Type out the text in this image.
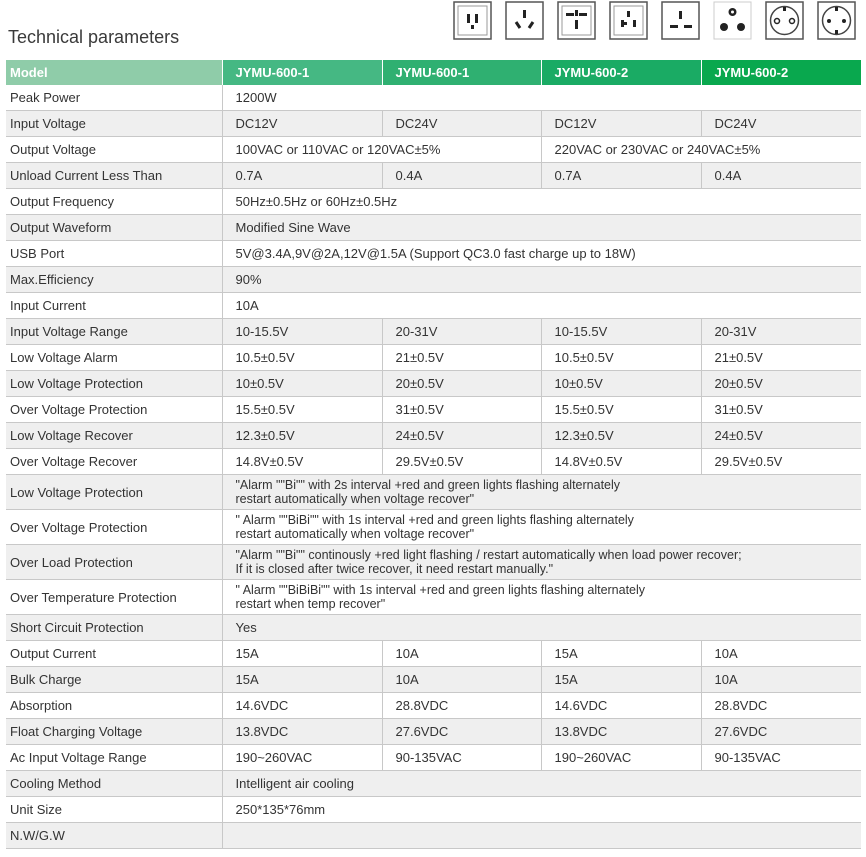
Technical parameters
Model	JYMU-600-1	JYMU-600-1	JYMU-600-2	JYMU-600-2
Peak Power	1200W			
Input Voltage	DC12V	DC24V	DC12V	DC24V
Output Voltage	100VAC or 110VAC or 120VAC±5%		220VAC or 230VAC or 240VAC±5%	
Unload Current Less Than	0.7A	0.4A	0.7A	0.4A
Output Frequency	50Hz±0.5Hz or 60Hz±0.5Hz			
Output Waveform	Modified Sine Wave			
USB Port	5V@3.4A,9V@2A,12V@1.5A (Support QC3.0 fast charge up to 18W)			
Max.Efficiency	90%			
Input Current	10A			
Input Voltage Range	10-15.5V	20-31V	10-15.5V	20-31V
Low Voltage Alarm	10.5±0.5V	21±0.5V	10.5±0.5V	21±0.5V
Low Voltage Protection	10±0.5V	20±0.5V	10±0.5V	20±0.5V
Over Voltage Protection	15.5±0.5V	31±0.5V	15.5±0.5V	31±0.5V
Low Voltage Recover	12.3±0.5V	24±0.5V	12.3±0.5V	24±0.5V
Over Voltage Recover	14.8V±0.5V	29.5V±0.5V	14.8V±0.5V	29.5V±0.5V
Low Voltage Protection	"Alarm ""Bi"" with 2s interval +red and green lights flashing alternately
restart automatically when voltage recover"			

Over Voltage Protection	" Alarm ""BiBi"" with 1s interval +red and green lights flashing alternately
restart automatically when voltage recover"			

Over Load Protection	"Alarm ""Bi"" continously +red light flashing / restart automatically when load power recover;
If it is closed after twice recover, it need restart manually."			

Over Temperature Protection	" Alarm ""BiBiBi"" with 1s interval +red and green lights flashing alternately
restart when temp recover"			

Short Circuit Protection	Yes			
Output Current	15A	10A	15A	10A
Bulk Charge	15A	10A	15A	10A
Absorption	14.6VDC	28.8VDC	14.6VDC	28.8VDC
Float Charging Voltage	13.8VDC	27.6VDC	13.8VDC	27.6VDC
Ac Input Voltage Range	190~260VAC	90-135VAC	190~260VAC	90-135VAC
Cooling Method	Intelligent air cooling			
Unit Size	250*135*76mm			
N.W/G.W				
